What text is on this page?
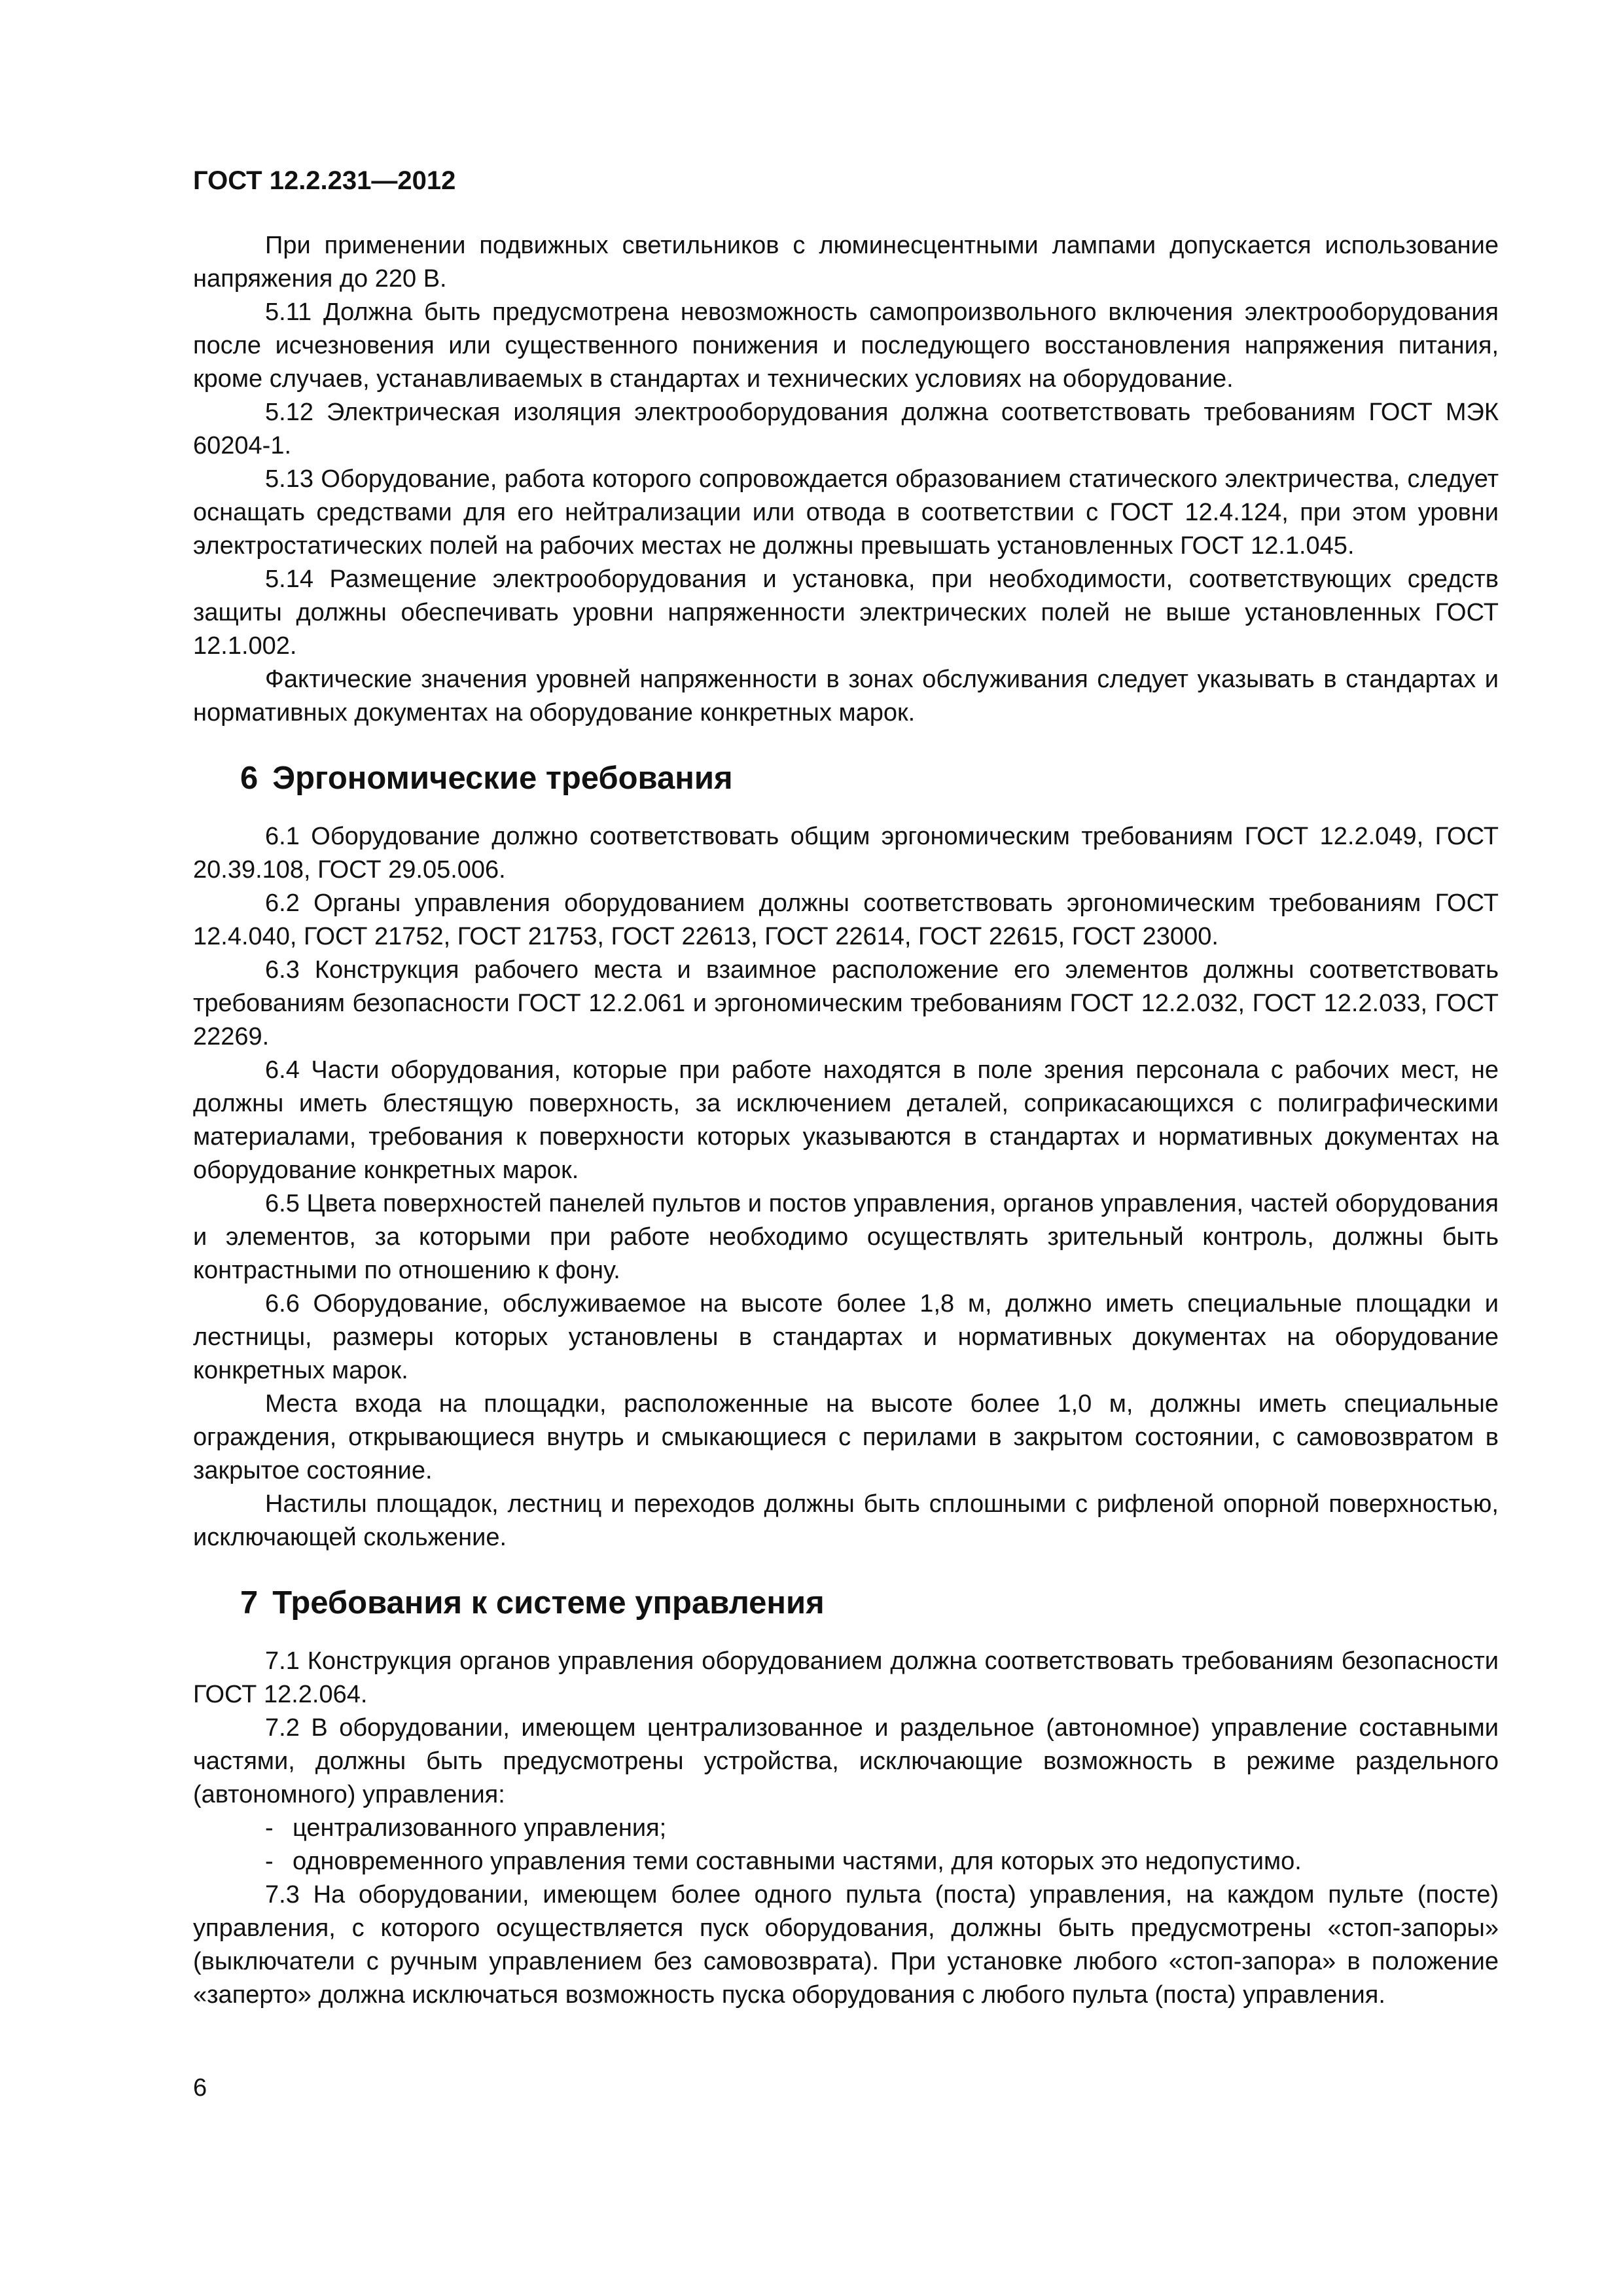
ГОСТ 12.2.231—2012

При применении подвижных светильников с люминесцентными лампами допускается использование напряжения до 220 В.

5.11 Должна быть предусмотрена невозможность самопроизвольного включения электрооборудования после исчезновения или существенного понижения и последующего восстановления напряжения питания, кроме случаев, устанавливаемых в стандартах и технических условиях на оборудование.

5.12 Электрическая изоляция электрооборудования должна соответствовать требованиям ГОСТ МЭК 60204-1.

5.13 Оборудование, работа которого сопровождается образованием статического электричества, следует оснащать средствами для его нейтрализации или отвода в соответствии с ГОСТ 12.4.124, при этом уровни электростатических полей на рабочих местах не должны превышать установленных ГОСТ 12.1.045.

5.14 Размещение электрооборудования и установка, при необходимости, соответствующих средств защиты должны обеспечивать уровни напряженности электрических полей не выше установленных ГОСТ 12.1.002.

Фактические значения уровней напряженности в зонах обслуживания следует указывать в стандартах и нормативных документах на оборудование конкретных марок.

6 Эргономические требования

6.1 Оборудование должно соответствовать общим эргономическим требованиям ГОСТ 12.2.049, ГОСТ 20.39.108, ГОСТ 29.05.006.

6.2 Органы управления оборудованием должны соответствовать эргономическим требованиям ГОСТ 12.4.040, ГОСТ 21752, ГОСТ 21753, ГОСТ 22613, ГОСТ 22614, ГОСТ 22615, ГОСТ 23000.

6.3 Конструкция рабочего места и взаимное расположение его элементов должны соответствовать требованиям безопасности ГОСТ 12.2.061 и эргономическим требованиям ГОСТ 12.2.032, ГОСТ 12.2.033, ГОСТ 22269.

6.4 Части оборудования, которые при работе находятся в поле зрения персонала с рабочих мест, не должны иметь блестящую поверхность, за исключением деталей, соприкасающихся с полиграфическими материалами, требования к поверхности которых указываются в стандартах и нормативных документах на оборудование конкретных марок.

6.5 Цвета поверхностей панелей пультов и постов управления, органов управления, частей оборудования и элементов, за которыми при работе необходимо осуществлять зрительный контроль, должны быть контрастными по отношению к фону.

6.6 Оборудование, обслуживаемое на высоте более 1,8 м, должно иметь специальные площадки и лестницы, размеры которых установлены в стандартах и нормативных документах на оборудование конкретных марок.

Места входа на площадки, расположенные на высоте более 1,0 м, должны иметь специальные ограждения, открывающиеся внутрь и смыкающиеся с перилами в закрытом состоянии, с самовозвратом в закрытое состояние.

Настилы площадок, лестниц и переходов должны быть сплошными с рифленой опорной поверхностью, исключающей скольжение.

7 Требования к системе управления

7.1 Конструкция органов управления оборудованием должна соответствовать требованиям безопасности ГОСТ 12.2.064.

7.2 В оборудовании, имеющем централизованное и раздельное (автономное) управление составными частями, должны быть предусмотрены устройства, исключающие возможность в режиме раздельного (автономного) управления:

- централизованного управления;

- одновременного управления теми составными частями, для которых это недопустимо.

7.3 На оборудовании, имеющем более одного пульта (поста) управления, на каждом пульте (посте) управления, с которого осуществляется пуск оборудования, должны быть предусмотрены «стоп-запоры» (выключатели с ручным управлением без самовозврата). При установке любого «стоп-запора» в положение «заперто» должна исключаться возможность пуска оборудования с любого пульта (поста) управления.

6
